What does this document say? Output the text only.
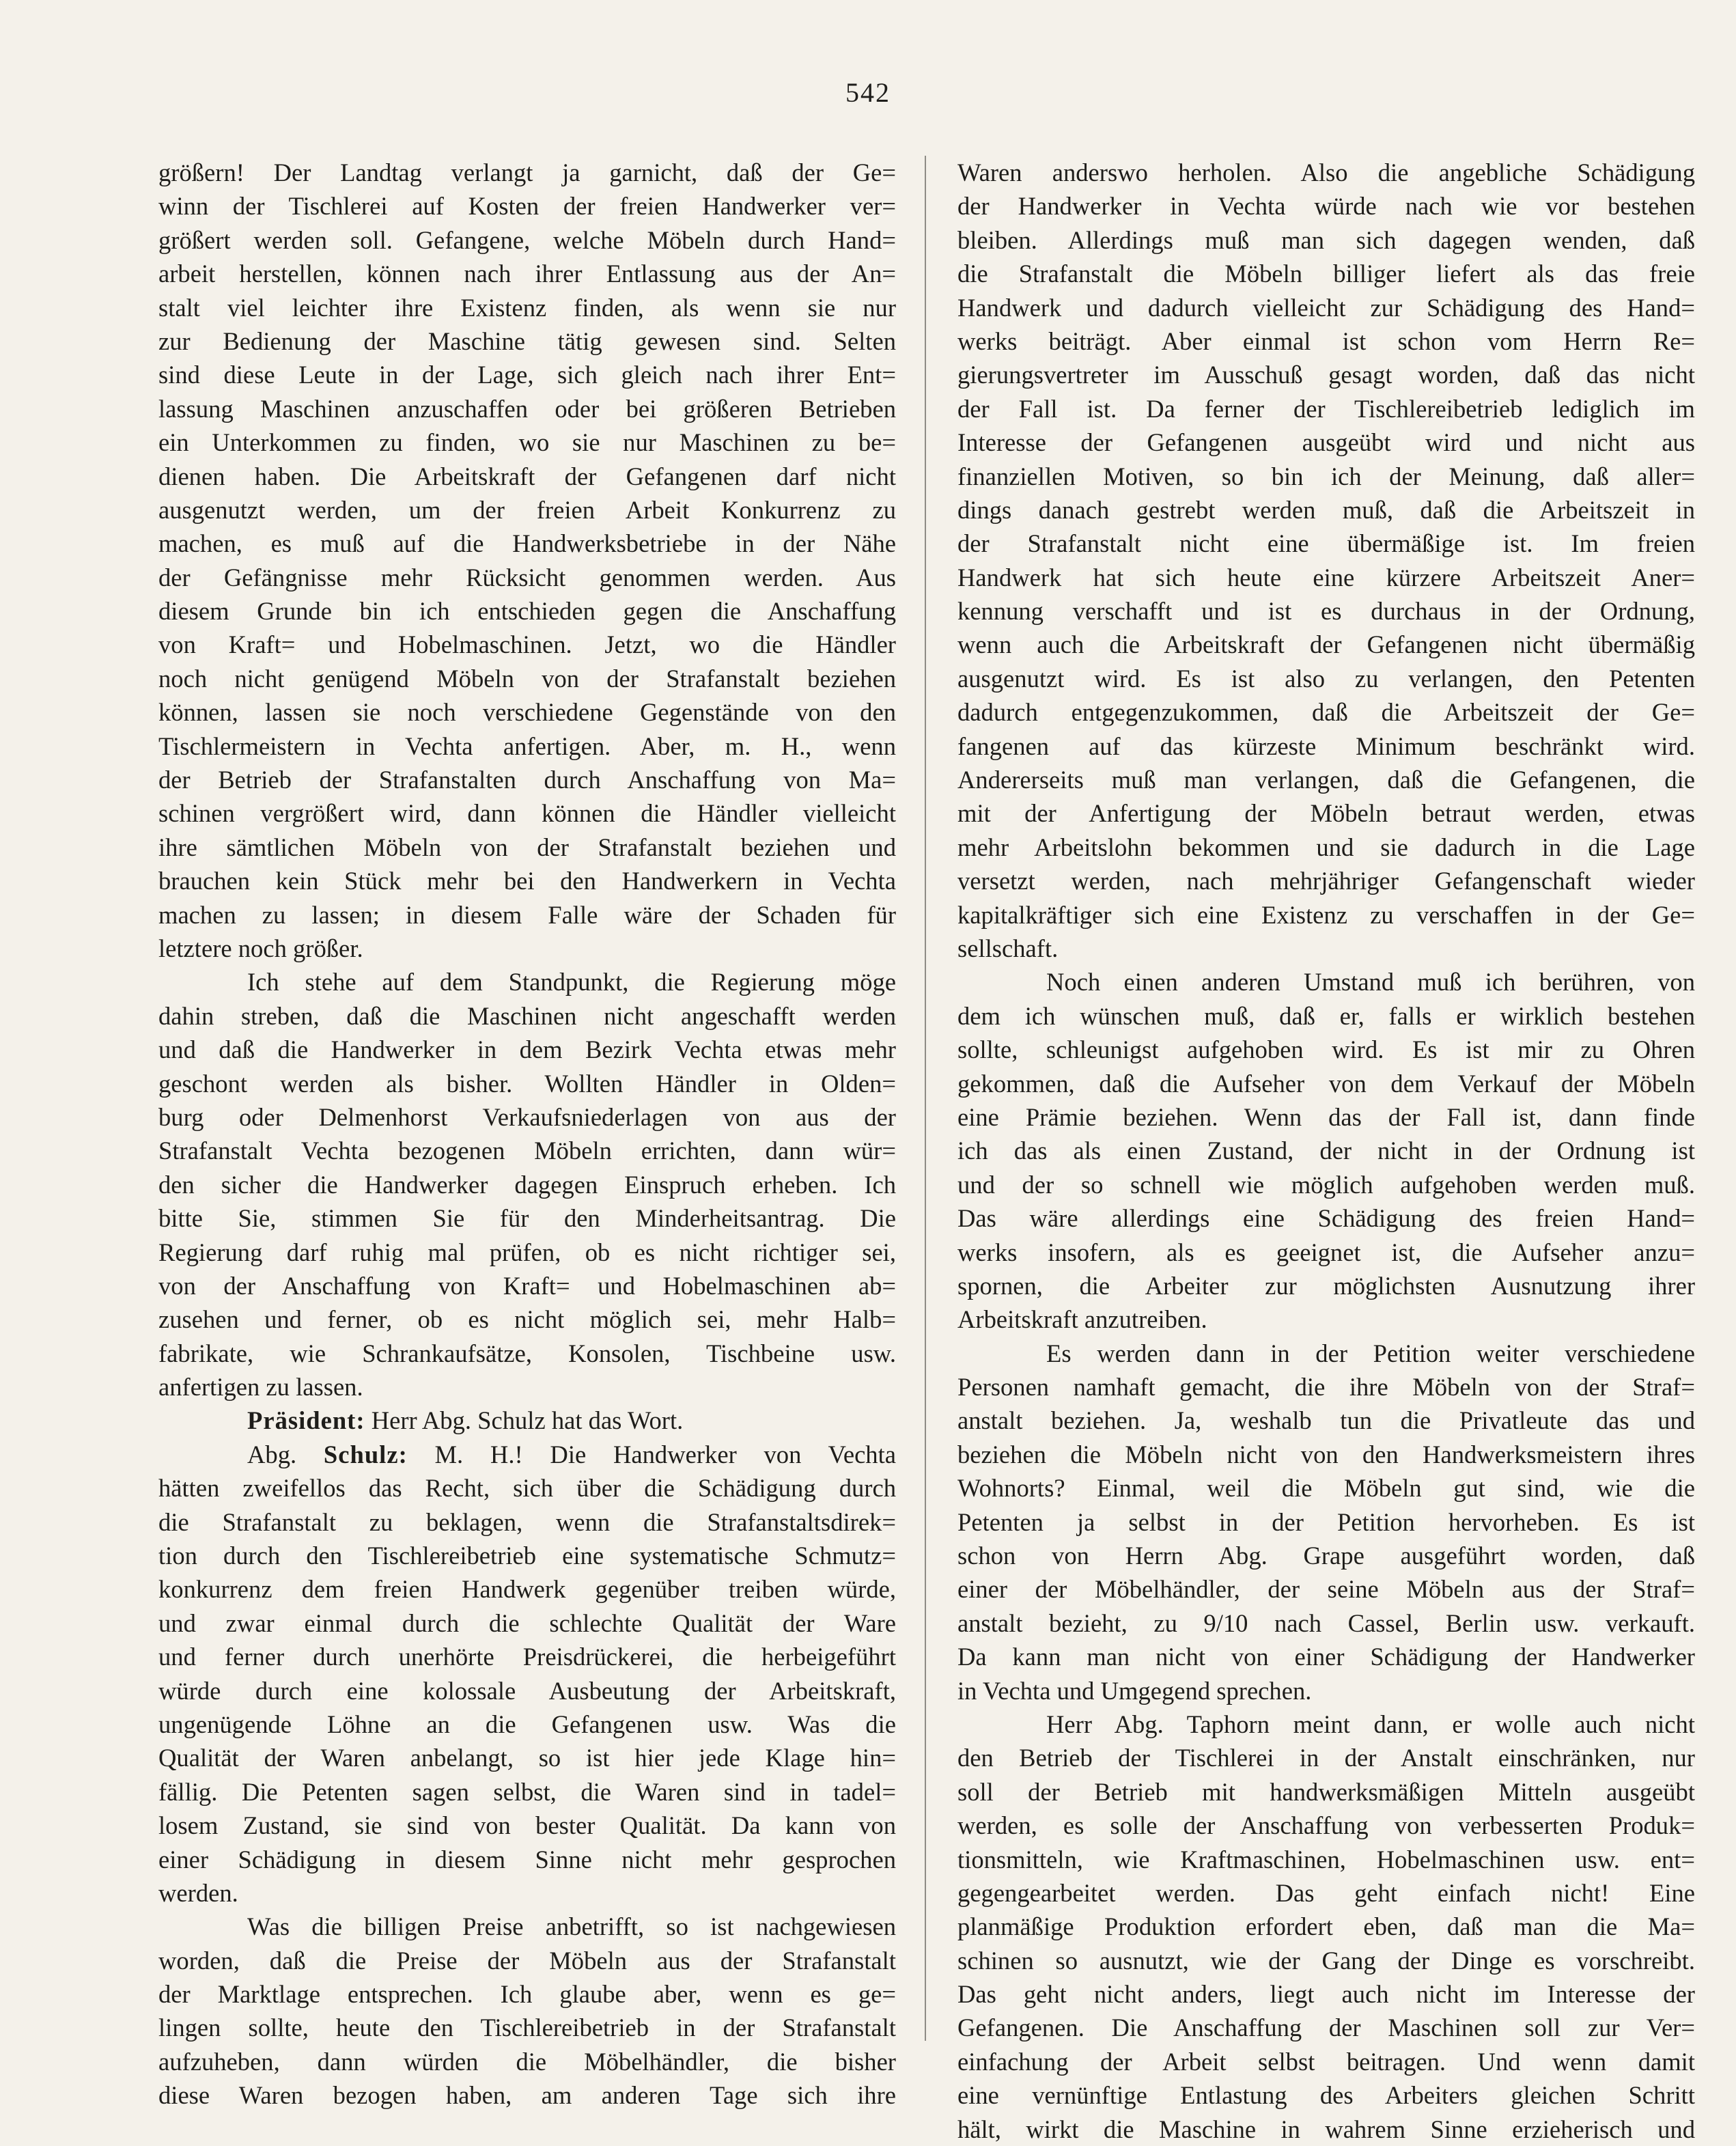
542
größern! Der Landtag verlangt ja garnicht, daß der Ge=
winn der Tischlerei auf Kosten der freien Handwerker ver=
größert werden soll. Gefangene, welche Möbeln durch Hand=
arbeit herstellen, können nach ihrer Entlassung aus der An=
stalt viel leichter ihre Existenz finden, als wenn sie nur
zur Bedienung der Maschine tätig gewesen sind. Selten
sind diese Leute in der Lage, sich gleich nach ihrer Ent=
lassung Maschinen anzuschaffen oder bei größeren Betrieben
ein Unterkommen zu finden, wo sie nur Maschinen zu be=
dienen haben. Die Arbeitskraft der Gefangenen darf nicht
ausgenutzt werden, um der freien Arbeit Konkurrenz zu
machen, es muß auf die Handwerksbetriebe in der Nähe
der Gefängnisse mehr Rücksicht genommen werden. Aus
diesem Grunde bin ich entschieden gegen die Anschaffung
von Kraft= und Hobelmaschinen. Jetzt, wo die Händler
noch nicht genügend Möbeln von der Strafanstalt beziehen
können, lassen sie noch verschiedene Gegenstände von den
Tischlermeistern in Vechta anfertigen. Aber, m. H., wenn
der Betrieb der Strafanstalten durch Anschaffung von Ma=
schinen vergrößert wird, dann können die Händler vielleicht
ihre sämtlichen Möbeln von der Strafanstalt beziehen und
brauchen kein Stück mehr bei den Handwerkern in Vechta
machen zu lassen; in diesem Falle wäre der Schaden für
letztere noch größer.
Ich stehe auf dem Standpunkt, die Regierung möge
dahin streben, daß die Maschinen nicht angeschafft werden
und daß die Handwerker in dem Bezirk Vechta etwas mehr
geschont werden als bisher. Wollten Händler in Olden=
burg oder Delmenhorst Verkaufsniederlagen von aus der
Strafanstalt Vechta bezogenen Möbeln errichten, dann wür=
den sicher die Handwerker dagegen Einspruch erheben. Ich
bitte Sie, stimmen Sie für den Minderheitsantrag. Die
Regierung darf ruhig mal prüfen, ob es nicht richtiger sei,
von der Anschaffung von Kraft= und Hobelmaschinen ab=
zusehen und ferner, ob es nicht möglich sei, mehr Halb=
fabrikate, wie Schrankaufsätze, Konsolen, Tischbeine usw.
anfertigen zu lassen.
Präsident: Herr Abg. Schulz hat das Wort.
Abg. Schulz: M. H.! Die Handwerker von Vechta
hätten zweifellos das Recht, sich über die Schädigung durch
die Strafanstalt zu beklagen, wenn die Strafanstaltsdirek=
tion durch den Tischlereibetrieb eine systematische Schmutz=
konkurrenz dem freien Handwerk gegenüber treiben würde,
und zwar einmal durch die schlechte Qualität der Ware
und ferner durch unerhörte Preisdrückerei, die herbeigeführt
würde durch eine kolossale Ausbeutung der Arbeitskraft,
ungenügende Löhne an die Gefangenen usw. Was die
Qualität der Waren anbelangt, so ist hier jede Klage hin=
fällig. Die Petenten sagen selbst, die Waren sind in tadel=
losem Zustand, sie sind von bester Qualität. Da kann von
einer Schädigung in diesem Sinne nicht mehr gesprochen
werden.
Was die billigen Preise anbetrifft, so ist nachgewiesen
worden, daß die Preise der Möbeln aus der Strafanstalt
der Marktlage entsprechen. Ich glaube aber, wenn es ge=
lingen sollte, heute den Tischlereibetrieb in der Strafanstalt
aufzuheben, dann würden die Möbelhändler, die bisher
diese Waren bezogen haben, am anderen Tage sich ihre
Waren anderswo herholen. Also die angebliche Schädigung
der Handwerker in Vechta würde nach wie vor bestehen
bleiben. Allerdings muß man sich dagegen wenden, daß
die Strafanstalt die Möbeln billiger liefert als das freie
Handwerk und dadurch vielleicht zur Schädigung des Hand=
werks beiträgt. Aber einmal ist schon vom Herrn Re=
gierungsvertreter im Ausschuß gesagt worden, daß das nicht
der Fall ist. Da ferner der Tischlereibetrieb lediglich im
Interesse der Gefangenen ausgeübt wird und nicht aus
finanziellen Motiven, so bin ich der Meinung, daß aller=
dings danach gestrebt werden muß, daß die Arbeitszeit in
der Strafanstalt nicht eine übermäßige ist. Im freien
Handwerk hat sich heute eine kürzere Arbeitszeit Aner=
kennung verschafft und ist es durchaus in der Ordnung,
wenn auch die Arbeitskraft der Gefangenen nicht übermäßig
ausgenutzt wird. Es ist also zu verlangen, den Petenten
dadurch entgegenzukommen, daß die Arbeitszeit der Ge=
fangenen auf das kürzeste Minimum beschränkt wird.
Andererseits muß man verlangen, daß die Gefangenen, die
mit der Anfertigung der Möbeln betraut werden, etwas
mehr Arbeitslohn bekommen und sie dadurch in die Lage
versetzt werden, nach mehrjähriger Gefangenschaft wieder
kapitalkräftiger sich eine Existenz zu verschaffen in der Ge=
sellschaft.
Noch einen anderen Umstand muß ich berühren, von
dem ich wünschen muß, daß er, falls er wirklich bestehen
sollte, schleunigst aufgehoben wird. Es ist mir zu Ohren
gekommen, daß die Aufseher von dem Verkauf der Möbeln
eine Prämie beziehen. Wenn das der Fall ist, dann finde
ich das als einen Zustand, der nicht in der Ordnung ist
und der so schnell wie möglich aufgehoben werden muß.
Das wäre allerdings eine Schädigung des freien Hand=
werks insofern, als es geeignet ist, die Aufseher anzu=
spornen, die Arbeiter zur möglichsten Ausnutzung ihrer
Arbeitskraft anzutreiben.
Es werden dann in der Petition weiter verschiedene
Personen namhaft gemacht, die ihre Möbeln von der Straf=
anstalt beziehen. Ja, weshalb tun die Privatleute das und
beziehen die Möbeln nicht von den Handwerksmeistern ihres
Wohnorts? Einmal, weil die Möbeln gut sind, wie die
Petenten ja selbst in der Petition hervorheben. Es ist
schon von Herrn Abg. Grape ausgeführt worden, daß
einer der Möbelhändler, der seine Möbeln aus der Straf=
anstalt bezieht, zu 9/10 nach Cassel, Berlin usw. verkauft.
Da kann man nicht von einer Schädigung der Handwerker
in Vechta und Umgegend sprechen.
Herr Abg. Taphorn meint dann, er wolle auch nicht
den Betrieb der Tischlerei in der Anstalt einschränken, nur
soll der Betrieb mit handwerksmäßigen Mitteln ausgeübt
werden, es solle der Anschaffung von verbesserten Produk=
tionsmitteln, wie Kraftmaschinen, Hobelmaschinen usw. ent=
gegengearbeitet werden. Das geht einfach nicht! Eine
planmäßige Produktion erfordert eben, daß man die Ma=
schinen so ausnutzt, wie der Gang der Dinge es vorschreibt.
Das geht nicht anders, liegt auch nicht im Interesse der
Gefangenen. Die Anschaffung der Maschinen soll zur Ver=
einfachung der Arbeit selbst beitragen. Und wenn damit
eine vernünftige Entlastung des Arbeiters gleichen Schritt
hält, wirkt die Maschine in wahrem Sinne erzieherisch und
